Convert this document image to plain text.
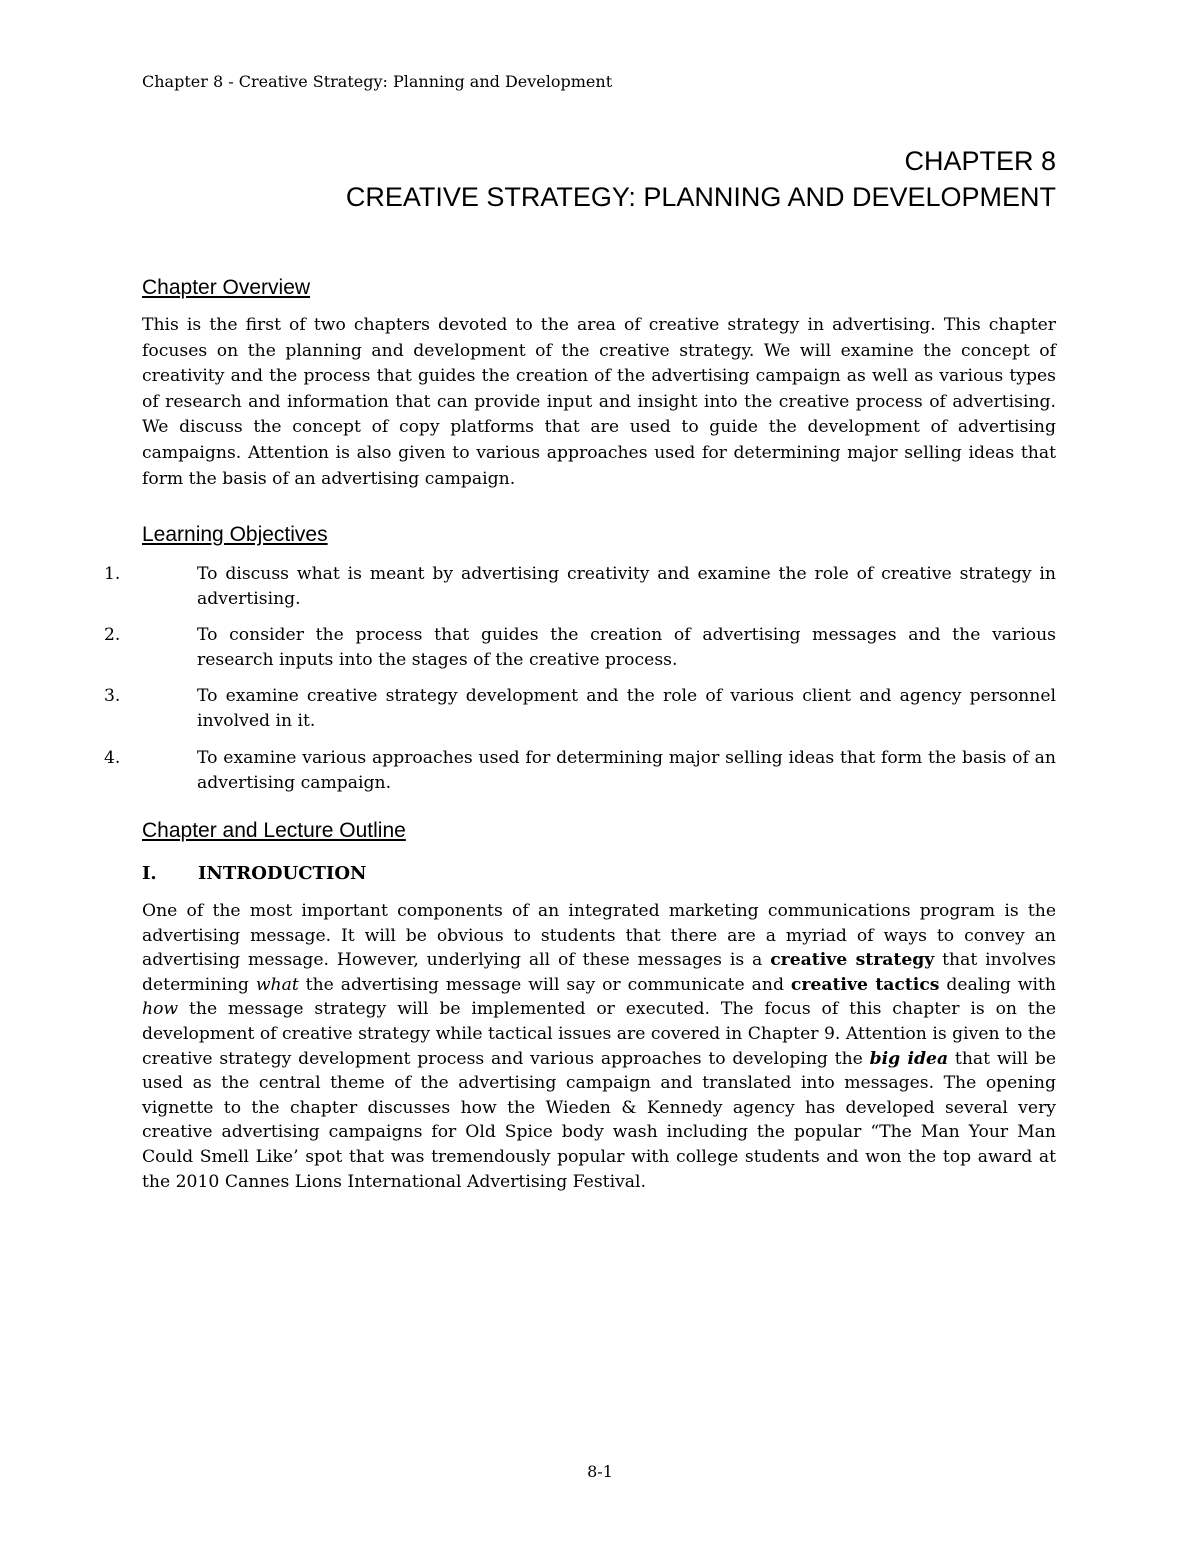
Chapter 8 - Creative Strategy: Planning and Development
CHAPTER 8
CREATIVE STRATEGY: PLANNING AND DEVELOPMENT
Chapter Overview

This is the first of two chapters devoted to the area of creative strategy in advertising. This chapter focuses on the planning and development of the creative strategy. We will examine the concept of creativity and the process that guides the creation of the advertising campaign as well as various types of research and information that can provide input and insight into the creative process of advertising. We discuss the concept of copy platforms that are used to guide the development of advertising campaigns. Attention is also given to various approaches used for determining major selling ideas that form the basis of an advertising campaign.

Learning Objectives
1.	To discuss what is meant by advertising creativity and examine the role of creative strategy in advertising.

2.	To consider the process that guides the creation of advertising messages and the various research inputs into the stages of the creative process.

3.	To examine creative strategy development and the role of various client and agency personnel involved in it.

4.	To examine various approaches used for determining major selling ideas that form the basis of an advertising campaign.

Chapter and Lecture Outline
I. INTRODUCTION

One of the most important components of an integrated marketing communications program is the advertising message. It will be obvious to students that there are a myriad of ways to convey an advertising message. However, underlying all of these messages is a creative strategy that involves determining what the advertising message will say or communicate and creative tactics dealing with how the message strategy will be implemented or executed. The focus of this chapter is on the development of creative strategy while tactical issues are covered in Chapter 9. Attention is given to the creative strategy development process and various approaches to developing the big idea that will be used as the central theme of the advertising campaign and translated into messages. The opening vignette to the chapter discusses how the Wieden & Kennedy agency has developed several very creative advertising campaigns for Old Spice body wash including the popular “The Man Your Man Could Smell Like’ spot that was tremendously popular with college students and won the top award at the 2010 Cannes Lions International Advertising Festival.

8-1
